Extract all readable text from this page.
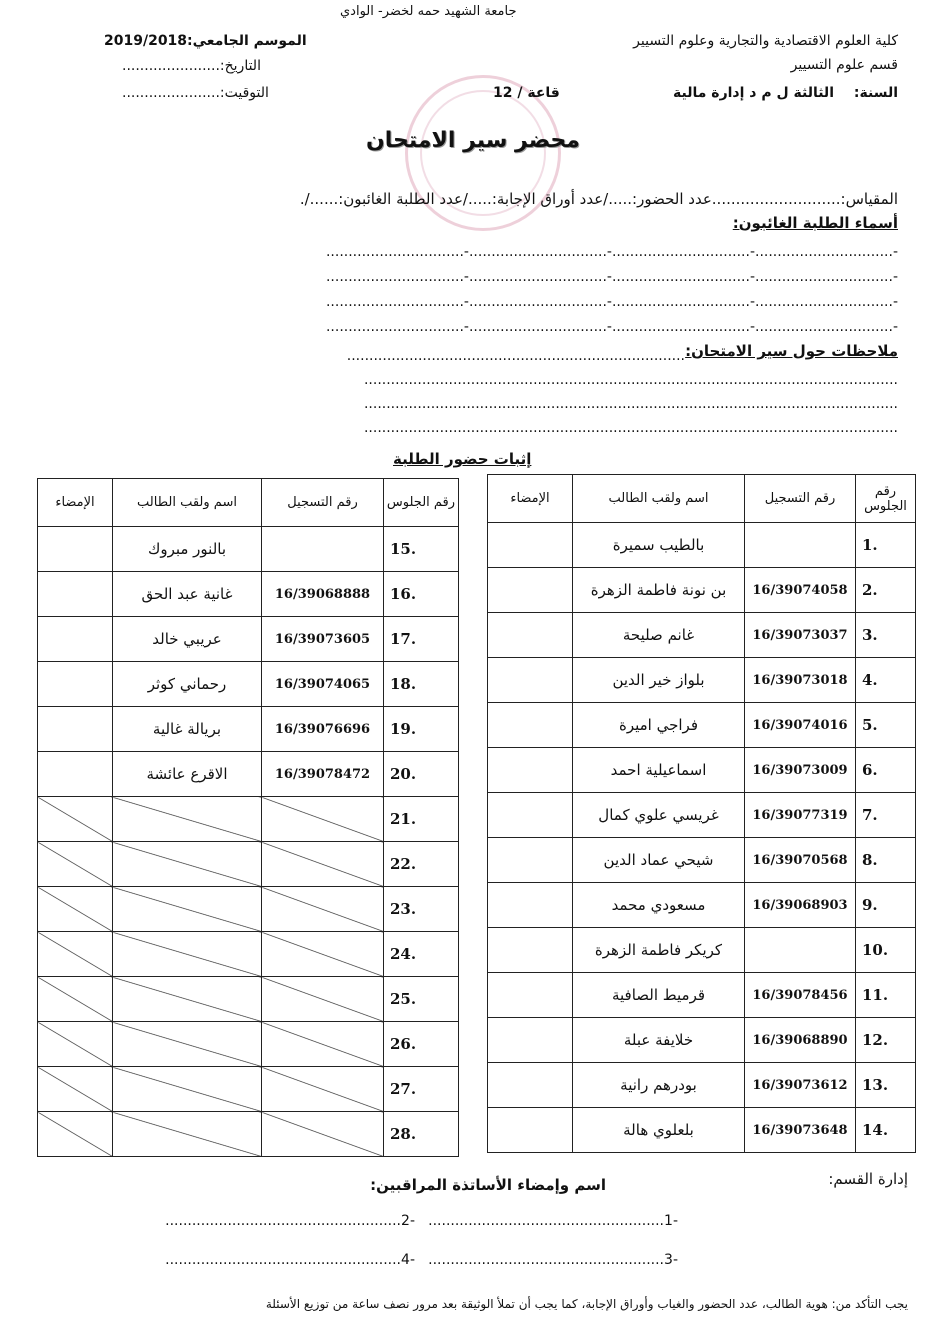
جامعة الشهيد حمه لخضر- الوادي
كلية العلوم الاقتصادية والتجارية وعلوم التسيير
قسم علوم التسيير
السنة:
الثالثة ل م د إدارة مالية
قاعة / 12
الموسم الجامعي:2019/2018
التاريخ:......................
التوقيت:......................
محضر سير الامتحان
المقياس:...........................عدد الحضور:...../عدد أوراق الإجابة:...../عدد الطلبة الغائبون:....../.
أسماء الطلبة الغائبون:
-...............................-...............................-...............................-...............................
-...............................-...............................-...............................-...............................
-...............................-...............................-...............................-...............................
-...............................-...............................-...............................-...............................
ملاحظات حول سير الامتحان:
............................................................................
........................................................................................................................
........................................................................................................................
........................................................................................................................
إثبات حضور الطلبة
رقم الجلوس	رقم التسجيل	اسم ولقب الطالب	الإمضاء
1.		بالطيب سميرة	
2.	16/39074058	بن نونة فاطمة الزهرة	
3.	16/39073037	غانم صليحة	
4.	16/39073018	بلواز خير الدين	
5.	16/39074016	فراجي اميرة	
6.	16/39073009	اسماعيلية احمد	
7.	16/39077319	غريسي علوي كمال	
8.	16/39070568	شيحي عماد الدين	
9.	16/39068903	مسعودي محمد	
10.		كريكر فاطمة الزهرة	
11.	16/39078456	قرميط الصافية	
12.	16/39068890	خلايفة عبلة	
13.	16/39073612	بودرهم رانية	
14.	16/39073648	بلعلوي هالة	
رقم الجلوس	رقم التسجيل	اسم ولقب الطالب	الإمضاء
15.		بالنور مبروك	
16.	16/39068888	غانية عبد الحق	
17.	16/39073605	عريبي خالد	
18.	16/39074065	رحماني كوثر	
19.	16/39076696	بريالة غالية	
20.	16/39078472	الاقرع عائشة	
21.			
22.			
23.			
24.			
25.			
26.			
27.			
28.			
إدارة القسم:
اسم وإمضاء الأساتذة المراقبين:
-1.....................................................
-2.....................................................
-3.....................................................
-4.....................................................
يجب التأكد من: هوية الطالب، عدد الحضور والغياب وأوراق الإجابة، كما يجب أن تملأ الوثيقة بعد مرور نصف ساعة من توزيع الأسئلة
